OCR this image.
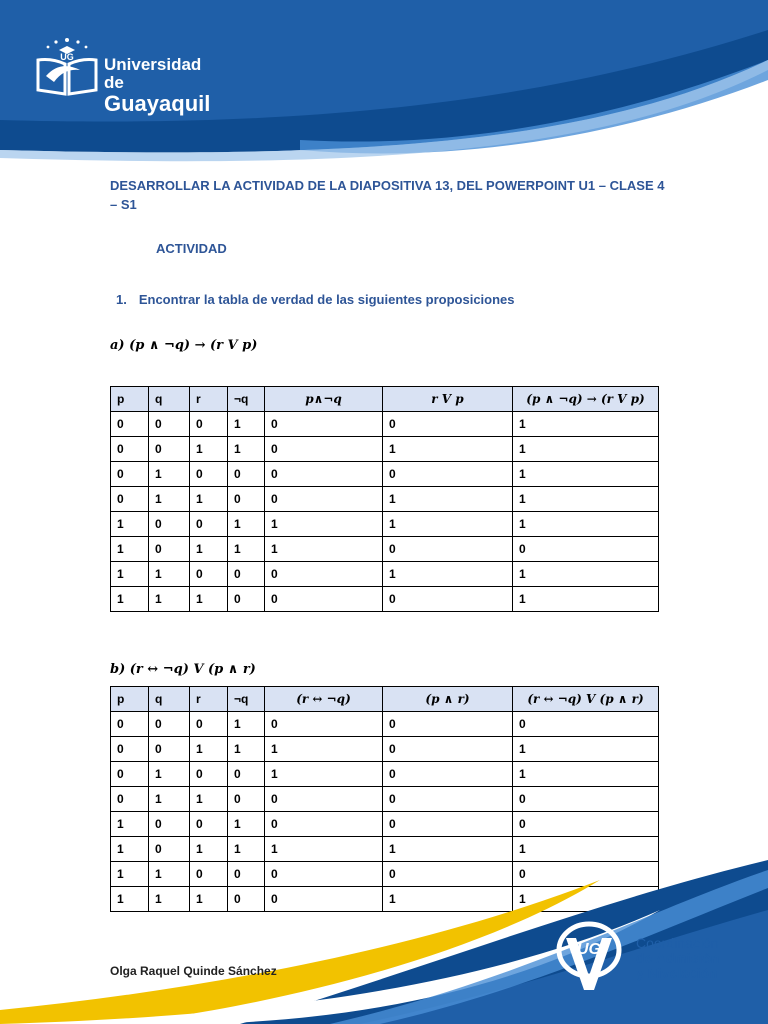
UG Universidad de
Guayaquil
DESARROLLAR LA ACTIVIDAD DE LA DIAPOSITIVA 13, DEL POWERPOINT U1 – CLASE 4 – S1
ACTIVIDAD
1. Encontrar la tabla de verdad de las siguientes proposiciones
a) (p ∧ ¬q) → (r V p)
p	q	r	¬q	p∧¬q	r V p	(p ∧ ¬q) → (r V p)
0	0	0	1	0	0	1
0	0	1	1	0	1	1
0	1	0	0	0	0	1
0	1	1	0	0	1	1
1	0	0	1	1	1	1
1	0	1	1	1	0	0
1	1	0	0	0	1	1
1	1	1	0	0	0	1
b) (r ↔ ¬q) V (p ∧ r)
p	q	r	¬q	(r ↔ ¬q)	(p ∧ r)	(r ↔ ¬q) V (p ∧ r)
0	0	0	1	0	0	0
0	0	1	1	1	0	1
0	1	0	0	1	0	1
0	1	1	0	0	0	0
1	0	0	1	0	0	0
1	0	1	1	1	1	1
1	1	0	0	0	0	0
1	1	1	0	0	1	1
Olga Raquel Quinde Sánchez
UG	Coordinación
de Admisión
y Nivelación
